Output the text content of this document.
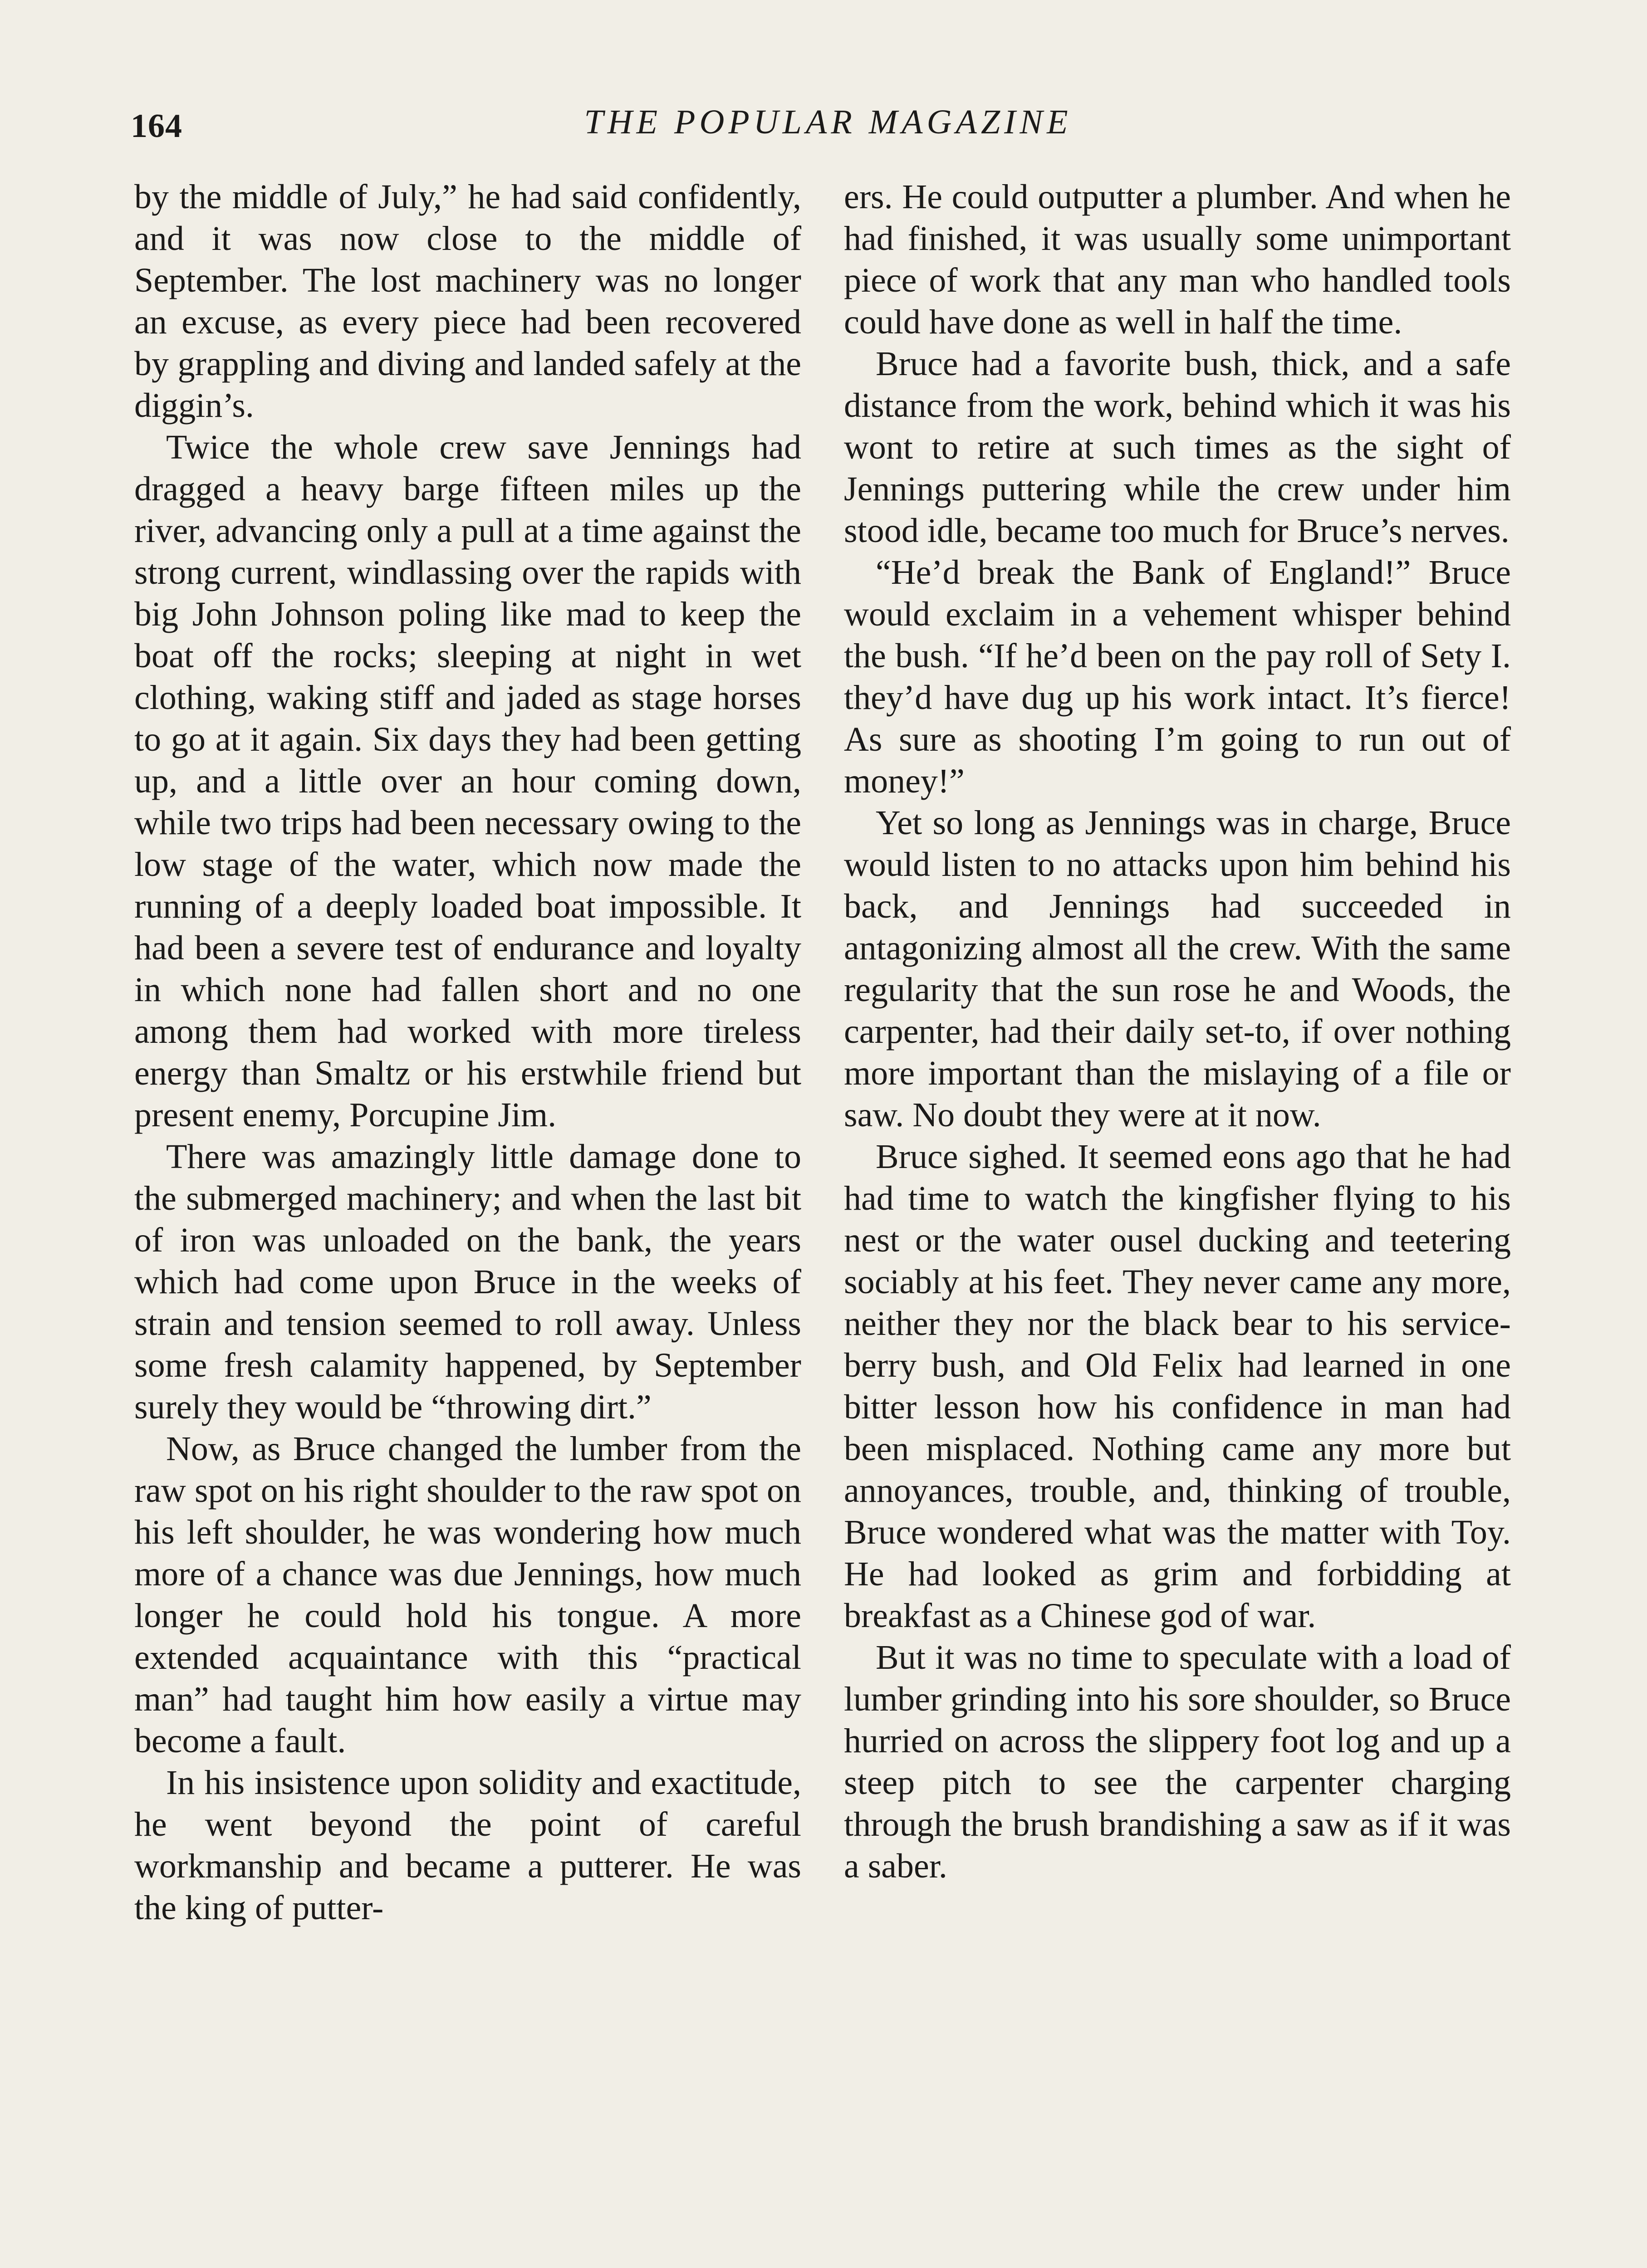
164	THE POPULAR MAGAZINE

by the middle of July,” he had said confidently, and it was now close to the middle of September. The lost machinery was no longer an excuse, as every piece had been recovered by grappling and diving and landed safely at the diggin’s.

Twice the whole crew save Jennings had dragged a heavy barge fifteen miles up the river, advancing only a pull at a time against the strong current, windlassing over the rapids with big John Johnson poling like mad to keep the boat off the rocks; sleeping at night in wet clothing, waking stiff and jaded as stage horses to go at it again. Six days they had been getting up, and a little over an hour coming down, while two trips had been necessary owing to the low stage of the water, which now made the running of a deeply loaded boat impossible. It had been a severe test of endurance and loyalty in which none had fallen short and no one among them had worked with more tireless energy than Smaltz or his erstwhile friend but present enemy, Porcupine Jim.

There was amazingly little damage done to the submerged machinery; and when the last bit of iron was unloaded on the bank, the years which had come upon Bruce in the weeks of strain and tension seemed to roll away. Unless some fresh calamity happened, by September surely they would be “throwing dirt.”

Now, as Bruce changed the lumber from the raw spot on his right shoulder to the raw spot on his left shoulder, he was wondering how much more of a chance was due Jennings, how much longer he could hold his tongue. A more extended acquaintance with this “practical man” had taught him how easily a virtue may become a fault.

In his insistence upon solidity and exactitude, he went beyond the point of careful workmanship and became a putterer. He was the king of putter-

ers. He could outputter a plumber. And when he had finished, it was usually some unimportant piece of work that any man who handled tools could have done as well in half the time.

Bruce had a favorite bush, thick, and a safe distance from the work, behind which it was his wont to retire at such times as the sight of Jennings puttering while the crew under him stood idle, became too much for Bruce’s nerves.

“He’d break the Bank of England!” Bruce would exclaim in a vehement whisper behind the bush. “If he’d been on the pay roll of Sety I. they’d have dug up his work intact. It’s fierce! As sure as shooting I’m going to run out of money!”

Yet so long as Jennings was in charge, Bruce would listen to no attacks upon him behind his back, and Jennings had succeeded in antagonizing almost all the crew. With the same regularity that the sun rose he and Woods, the carpenter, had their daily set-to, if over nothing more important than the mislaying of a file or saw. No doubt they were at it now.

Bruce sighed. It seemed eons ago that he had had time to watch the kingfisher flying to his nest or the water ousel ducking and teetering sociably at his feet. They never came any more, neither they nor the black bear to his service-berry bush, and Old Felix had learned in one bitter lesson how his confidence in man had been misplaced. Nothing came any more but annoyances, trouble, and, thinking of trouble, Bruce wondered what was the matter with Toy. He had looked as grim and forbidding at breakfast as a Chinese god of war.

But it was no time to speculate with a load of lumber grinding into his sore shoulder, so Bruce hurried on across the slippery foot log and up a steep pitch to see the carpenter charging through the brush brandishing a saw as if it was a saber.
